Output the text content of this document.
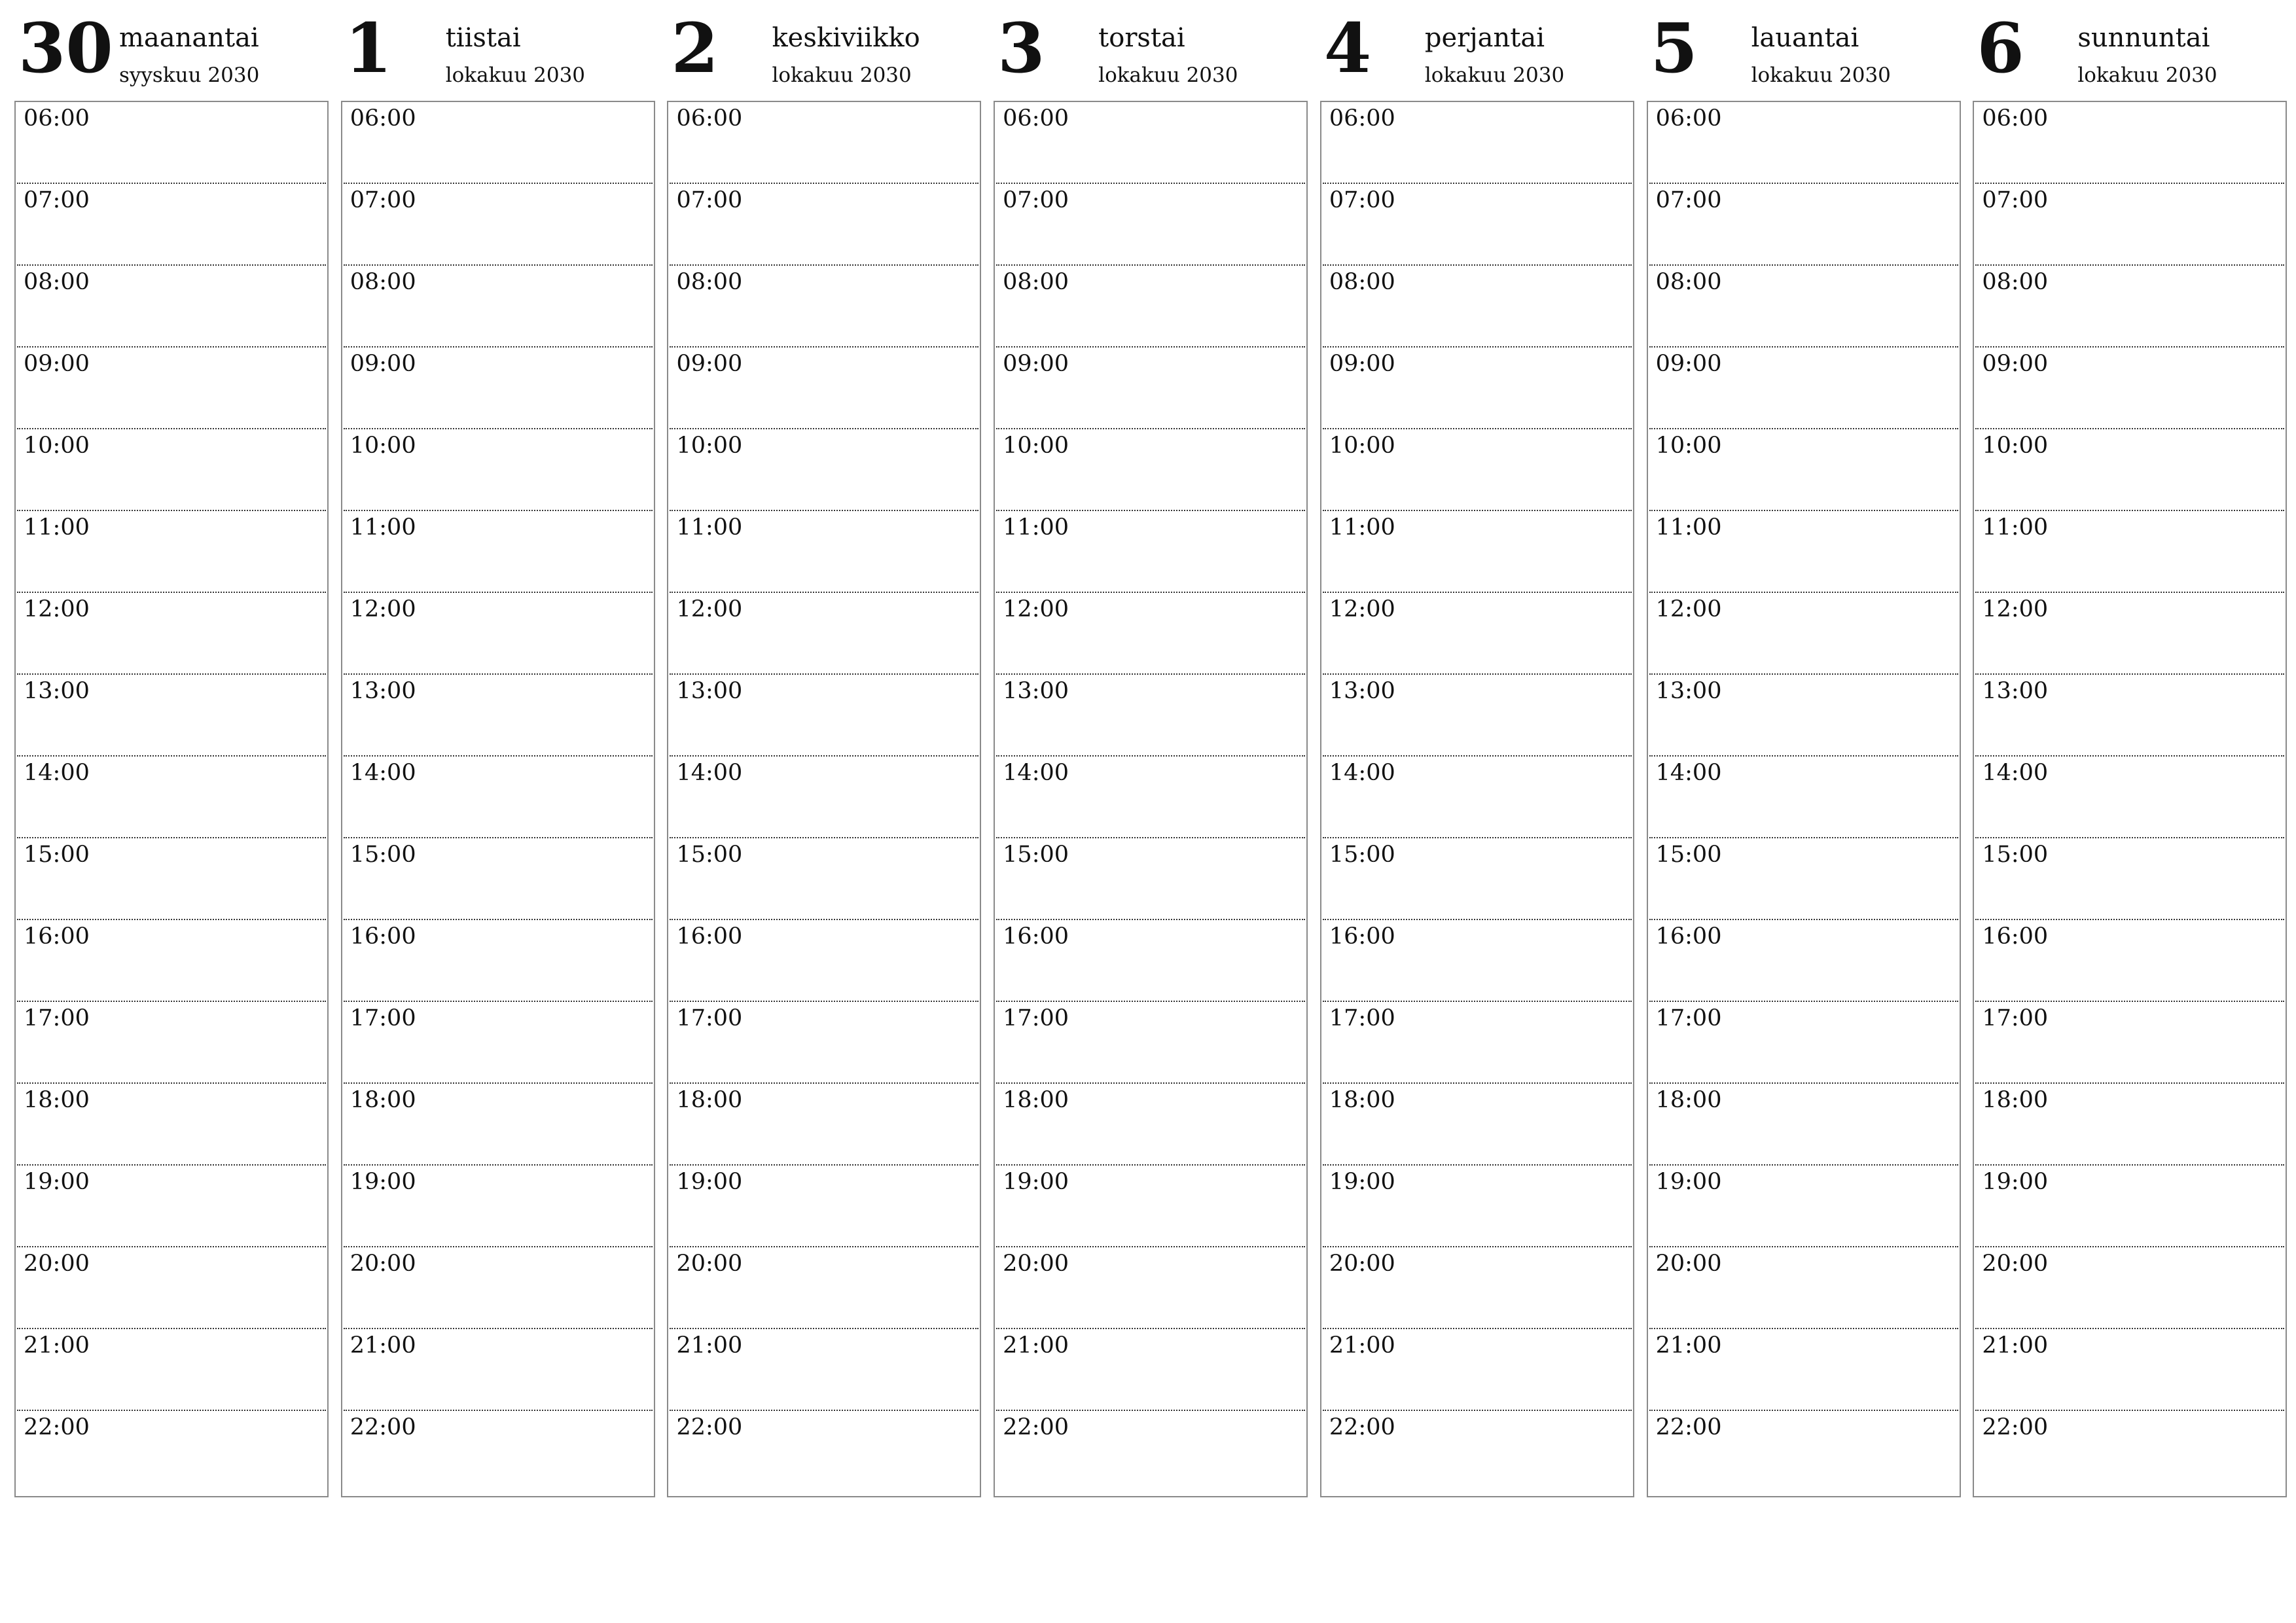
30 maanantai
syyskuu 2030
06:00
07:00
08:00
09:00
10:00
11:00
12:00
13:00
14:00
15:00
16:00
17:00
18:00
19:00
20:00
21:00
22:00
1 tiistai
lokakuu 2030
06:00
07:00
08:00
09:00
10:00
11:00
12:00
13:00
14:00
15:00
16:00
17:00
18:00
19:00
20:00
21:00
22:00
2 keskiviikko
lokakuu 2030
06:00
07:00
08:00
09:00
10:00
11:00
12:00
13:00
14:00
15:00
16:00
17:00
18:00
19:00
20:00
21:00
22:00
3 torstai
lokakuu 2030
06:00
07:00
08:00
09:00
10:00
11:00
12:00
13:00
14:00
15:00
16:00
17:00
18:00
19:00
20:00
21:00
22:00
4 perjantai
lokakuu 2030
06:00
07:00
08:00
09:00
10:00
11:00
12:00
13:00
14:00
15:00
16:00
17:00
18:00
19:00
20:00
21:00
22:00
5 lauantai
lokakuu 2030
06:00
07:00
08:00
09:00
10:00
11:00
12:00
13:00
14:00
15:00
16:00
17:00
18:00
19:00
20:00
21:00
22:00
6 sunnuntai
lokakuu 2030
06:00
07:00
08:00
09:00
10:00
11:00
12:00
13:00
14:00
15:00
16:00
17:00
18:00
19:00
20:00
21:00
22:00
